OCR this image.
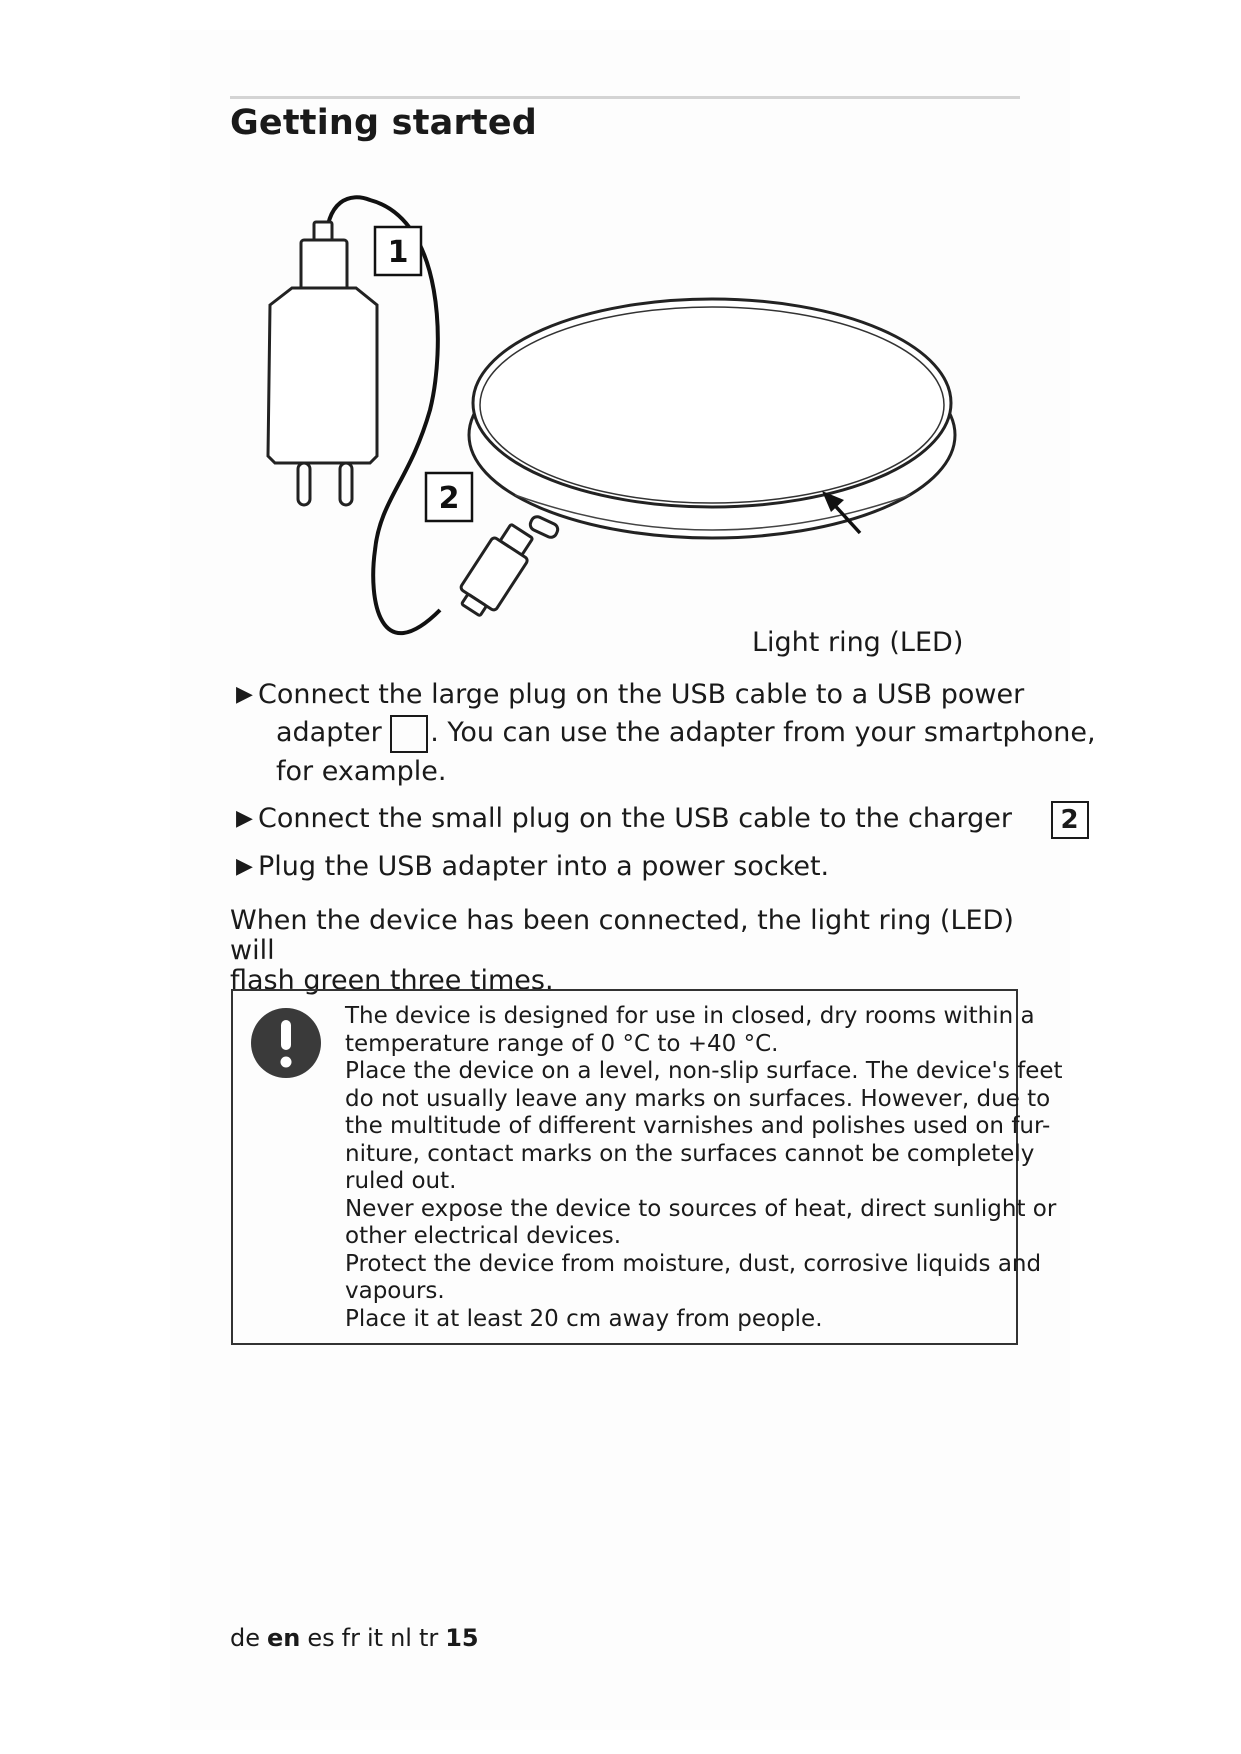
Getting started
1
2
Light ring (LED)
▶ Connect the large plug on the USB cable to a USB power
adapter . You can use the adapter from your smartphone,
for example.
▶ Connect the small plug on the USB cable to the charger 2
▶ Plug the USB adapter into a power socket.
When the device has been connected, the light ring (LED) will
flash green three times.
The device is designed for use in closed, dry rooms within a
temperature range of 0 °C to +40 °C.
Place the device on a level, non-slip surface. The device's feet
do not usually leave any marks on surfaces. However, due to
the multitude of different varnishes and polishes used on fur-
niture, contact marks on the surfaces cannot be completely
ruled out.
Never expose the device to sources of heat, direct sunlight or
other electrical devices.
Protect the device from moisture, dust, corrosive liquids and
vapours.
Place it at least 20 cm away from people.
de en es fr it nl tr 15
